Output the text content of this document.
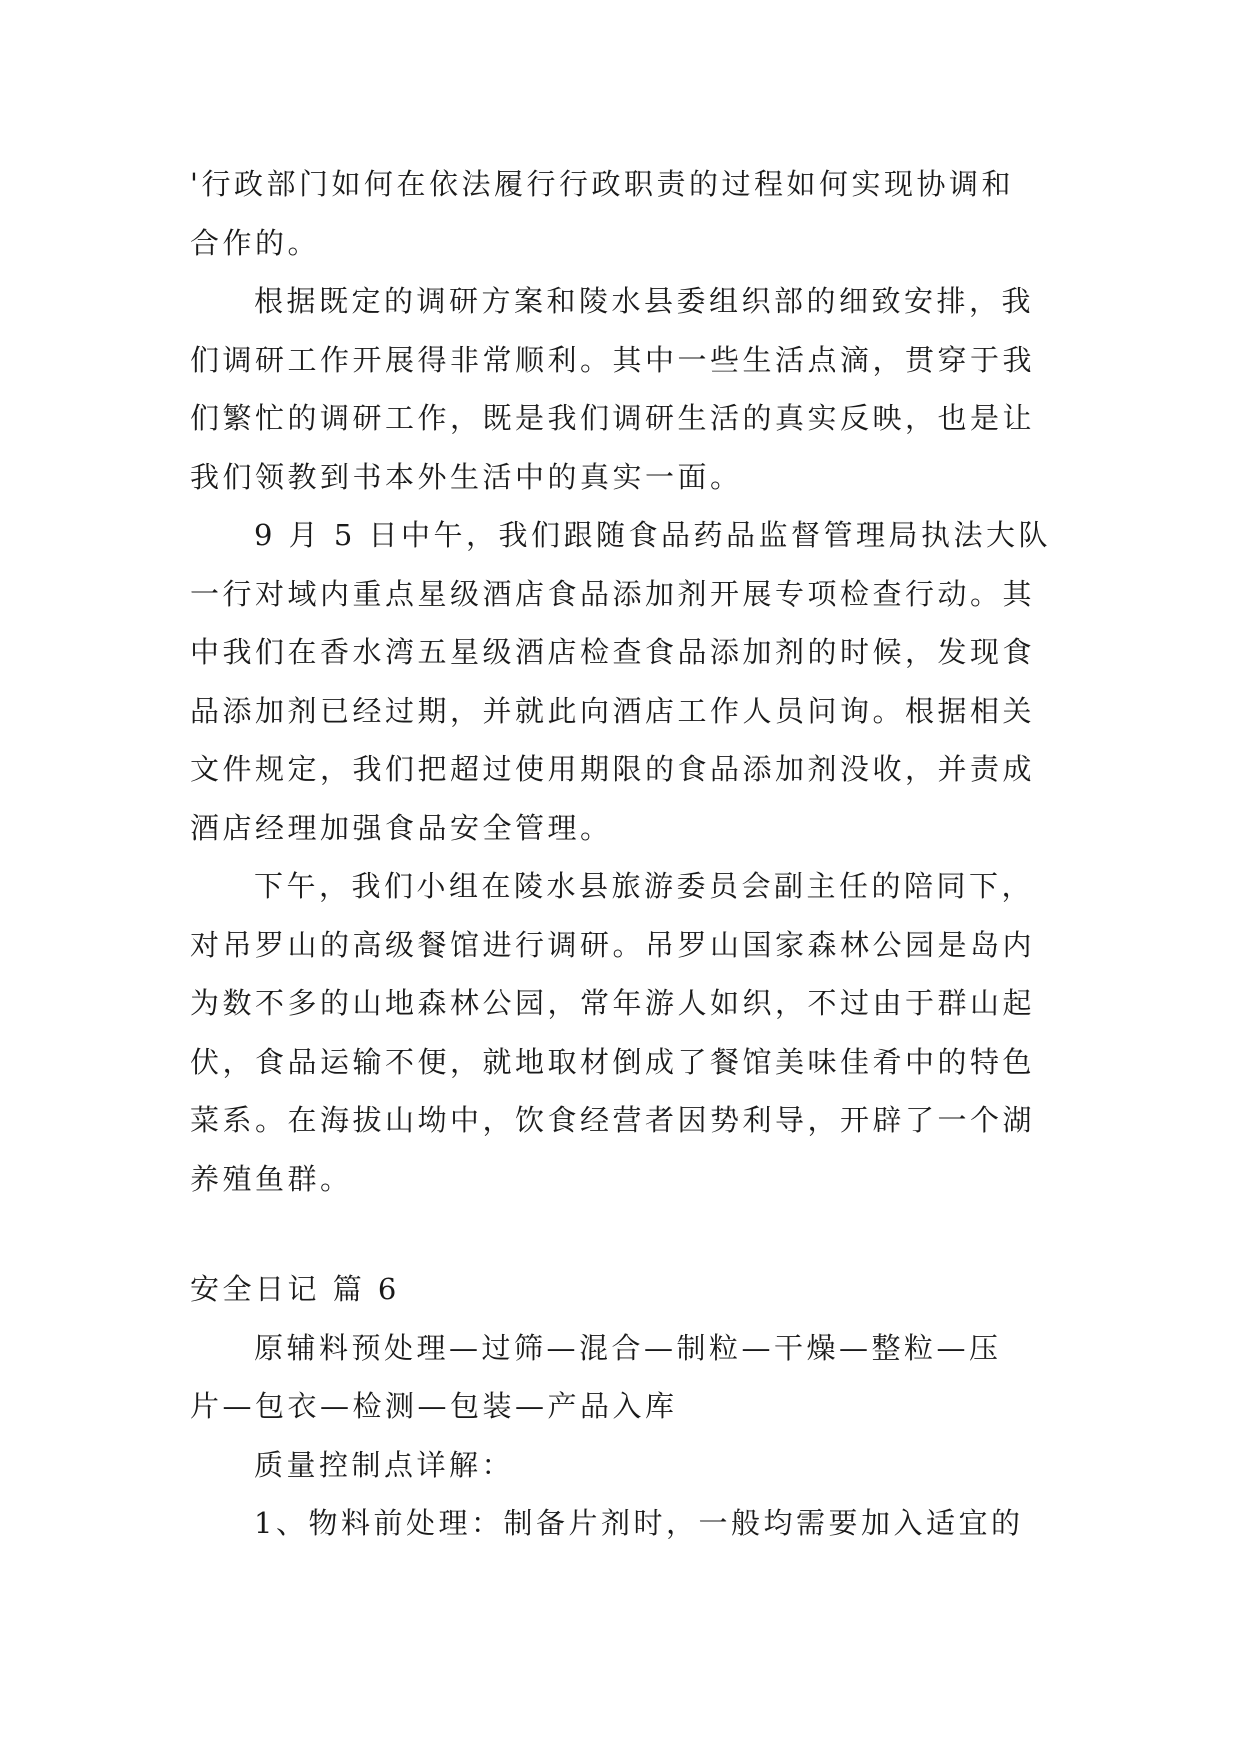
'行政部门如何在依法履行行政职责的过程如何实现协调和
合作的。
根据既定的调研方案和陵水县委组织部的细致安排，我
们调研工作开展得非常顺利。其中一些生活点滴，贯穿于我
们繁忙的调研工作，既是我们调研生活的真实反映，也是让
我们领教到书本外生活中的真实一面。
9 月 5 日中午，我们跟随食品药品监督管理局执法大队
一行对域内重点星级酒店食品添加剂开展专项检查行动。其
中我们在香水湾五星级酒店检查食品添加剂的时候，发现食
品添加剂已经过期，并就此向酒店工作人员问询。根据相关
文件规定，我们把超过使用期限的食品添加剂没收，并责成
酒店经理加强食品安全管理。
下午，我们小组在陵水县旅游委员会副主任的陪同下，
对吊罗山的高级餐馆进行调研。吊罗山国家森林公园是岛内
为数不多的山地森林公园，常年游人如织，不过由于群山起
伏，食品运输不便，就地取材倒成了餐馆美味佳肴中的特色
菜系。在海拔山坳中，饮食经营者因势利导，开辟了一个湖
养殖鱼群。
安全日记 篇 6
原辅料预处理—过筛—混合—制粒—干燥—整粒—压
片—包衣—检测—包装—产品入库
质量控制点详解：
1、物料前处理：制备片剂时，一般均需要加入适宜的
